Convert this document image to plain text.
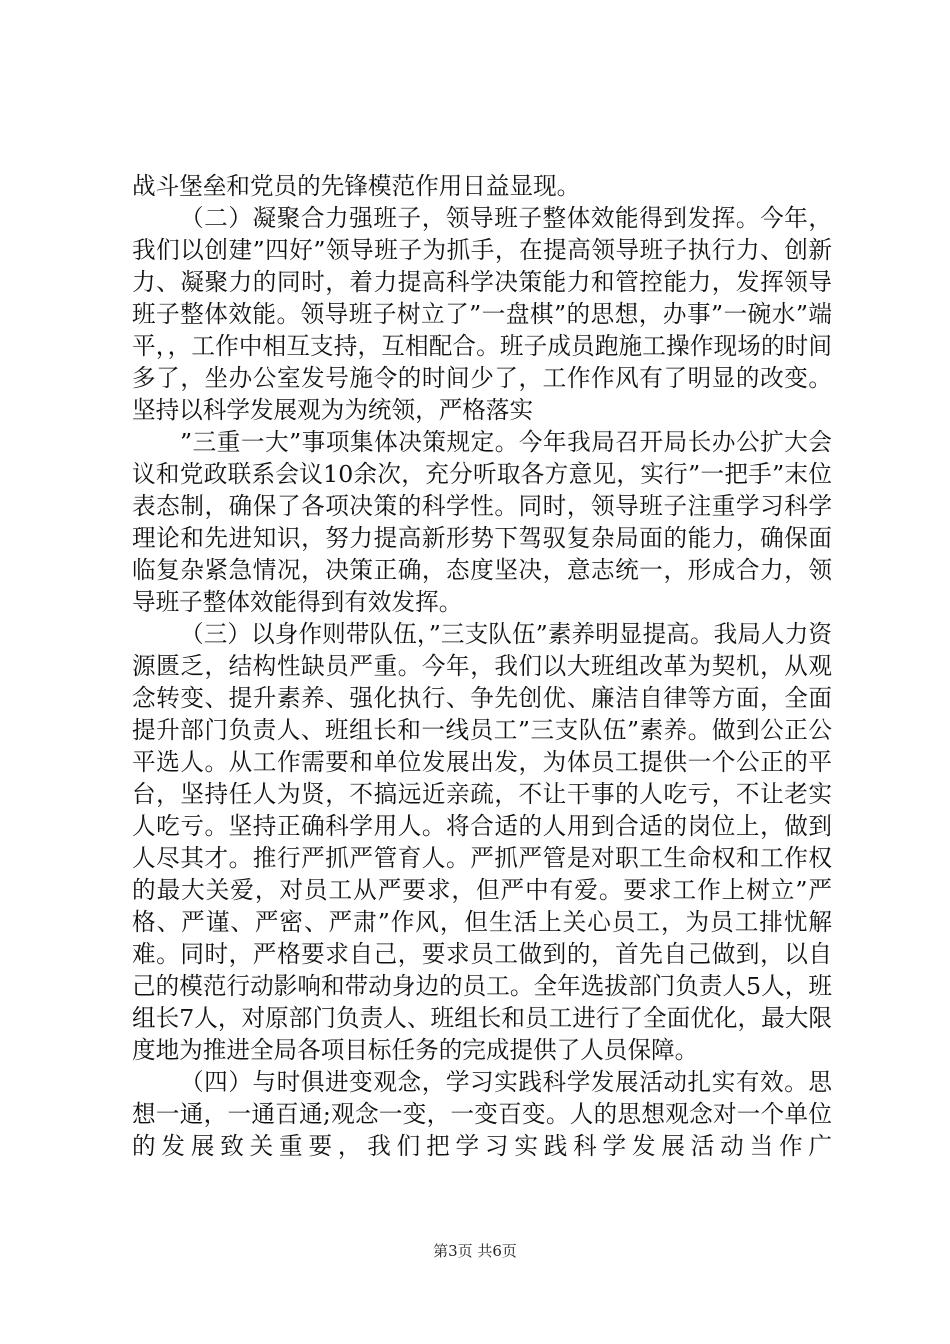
战斗堡垒和党员的先锋模范作用日益显现。

（二）凝聚合力强班子，领导班子整体效能得到发挥。今年，我们以创建”四好”领导班子为抓手，在提高领导班子执行力、创新力、凝聚力的同时，着力提高科学决策能力和管控能力，发挥领导班子整体效能。领导班子树立了”一盘棋”的思想，办事”一碗水”端平，，工作中相互支持，互相配合。班子成员跑施工操作现场的时间多了，坐办公室发号施令的时间少了，工作作风有了明显的改变。坚持以科学发展观为为统领，严格落实

”三重一大”事项集体决策规定。今年我局召开局长办公扩大会议和党政联系会议10余次，充分听取各方意见，实行”一把手”末位表态制，确保了各项决策的科学性。同时，领导班子注重学习科学理论和先进知识，努力提高新形势下驾驭复杂局面的能力，确保面临复杂紧急情况，决策正确，态度坚决，意志统一，形成合力，领导班子整体效能得到有效发挥。

（三）以身作则带队伍，”三支队伍”素养明显提高。我局人力资源匮乏，结构性缺员严重。今年，我们以大班组改革为契机，从观念转变、提升素养、强化执行、争先创优、廉洁自律等方面，全面提升部门负责人、班组长和一线员工”三支队伍”素养。做到公正公平选人。从工作需要和单位发展出发，为体员工提供一个公正的平台，坚持任人为贤，不搞远近亲疏，不让干事的人吃亏，不让老实人吃亏。坚持正确科学用人。将合适的人用到合适的岗位上，做到人尽其才。推行严抓严管育人。严抓严管是对职工生命权和工作权的最大关爱，对员工从严要求，但严中有爱。要求工作上树立”严格、严谨、严密、严肃”作风，但生活上关心员工，为员工排忧解难。同时，严格要求自己，要求员工做到的，首先自己做到，以自己的模范行动影响和带动身边的员工。全年选拔部门负责人5人，班组长7人，对原部门负责人、班组长和员工进行了全面优化，最大限度地为推进全局各项目标任务的完成提供了人员保障。

（四）与时俱进变观念，学习实践科学发展活动扎实有效。思想一通，一通百通;观念一变，一变百变。人的思想观念对一个单位的发展致关重要，我们把学习实践科学发展活动当作广

第3页 共6页
